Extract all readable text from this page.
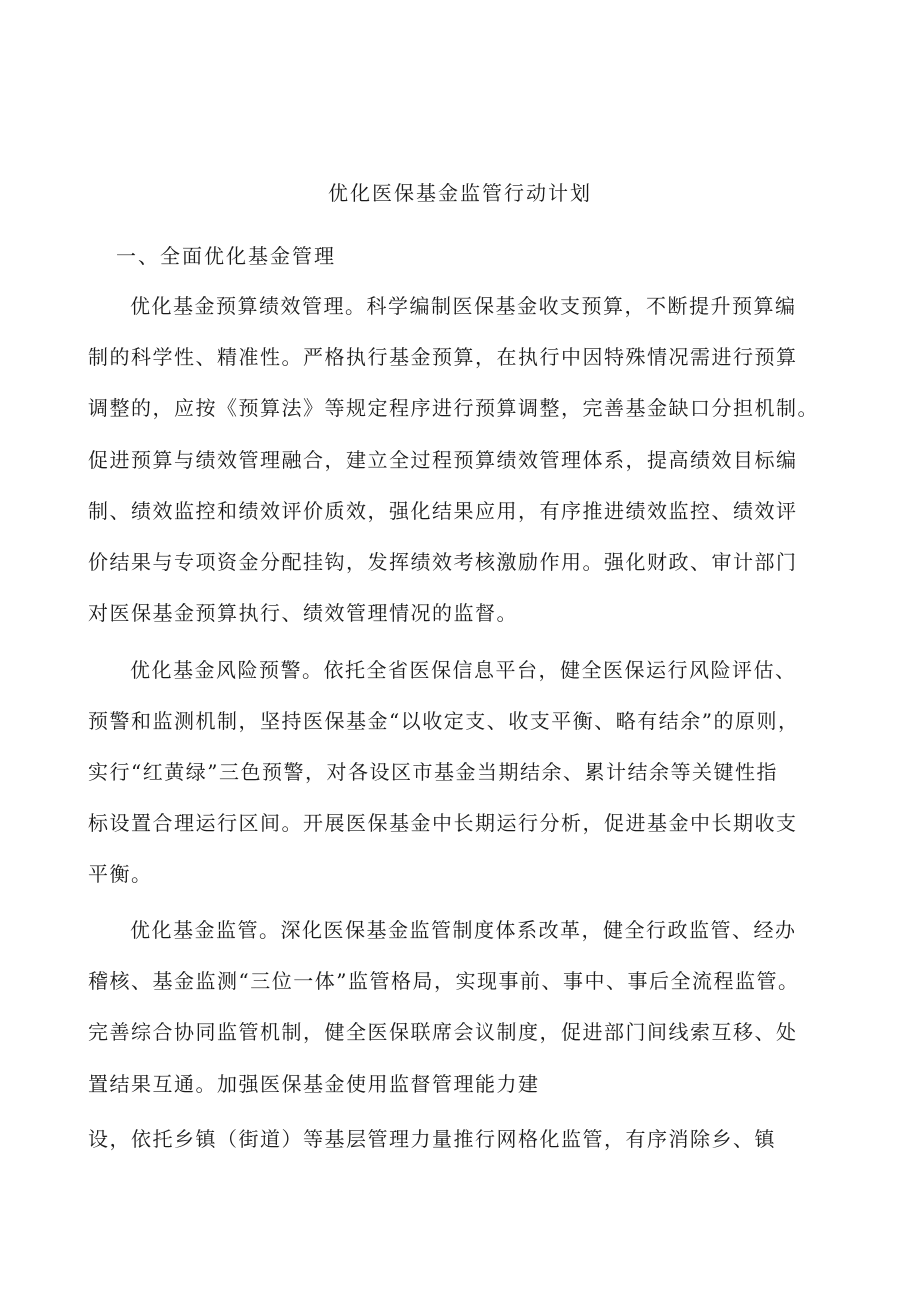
优化医保基金监管行动计划
一、全面优化基金管理
优化基金预算绩效管理。科学编制医保基金收支预算，不断提升预算编
制的科学性、精准性。严格执行基金预算，在执行中因特殊情况需进行预算
调整的，应按《预算法》等规定程序进行预算调整，完善基金缺口分担机制。
促进预算与绩效管理融合，建立全过程预算绩效管理体系，提高绩效目标编
制、绩效监控和绩效评价质效，强化结果应用，有序推进绩效监控、绩效评
价结果与专项资金分配挂钩，发挥绩效考核激励作用。强化财政、审计部门
对医保基金预算执行、绩效管理情况的监督。
优化基金风险预警。依托全省医保信息平台，健全医保运行风险评估、
预警和监测机制，坚持医保基金“以收定支、收支平衡、略有结余”的原则，
实行“红黄绿”三色预警，对各设区市基金当期结余、累计结余等关键性指
标设置合理运行区间。开展医保基金中长期运行分析，促进基金中长期收支
平衡。
优化基金监管。深化医保基金监管制度体系改革，健全行政监管、经办
稽核、基金监测“三位一体”监管格局，实现事前、事中、事后全流程监管。
完善综合协同监管机制，健全医保联席会议制度，促进部门间线索互移、处
置结果互通。加强医保基金使用监督管理能力建
设，依托乡镇（街道）等基层管理力量推行网格化监管，有序消除乡、镇
